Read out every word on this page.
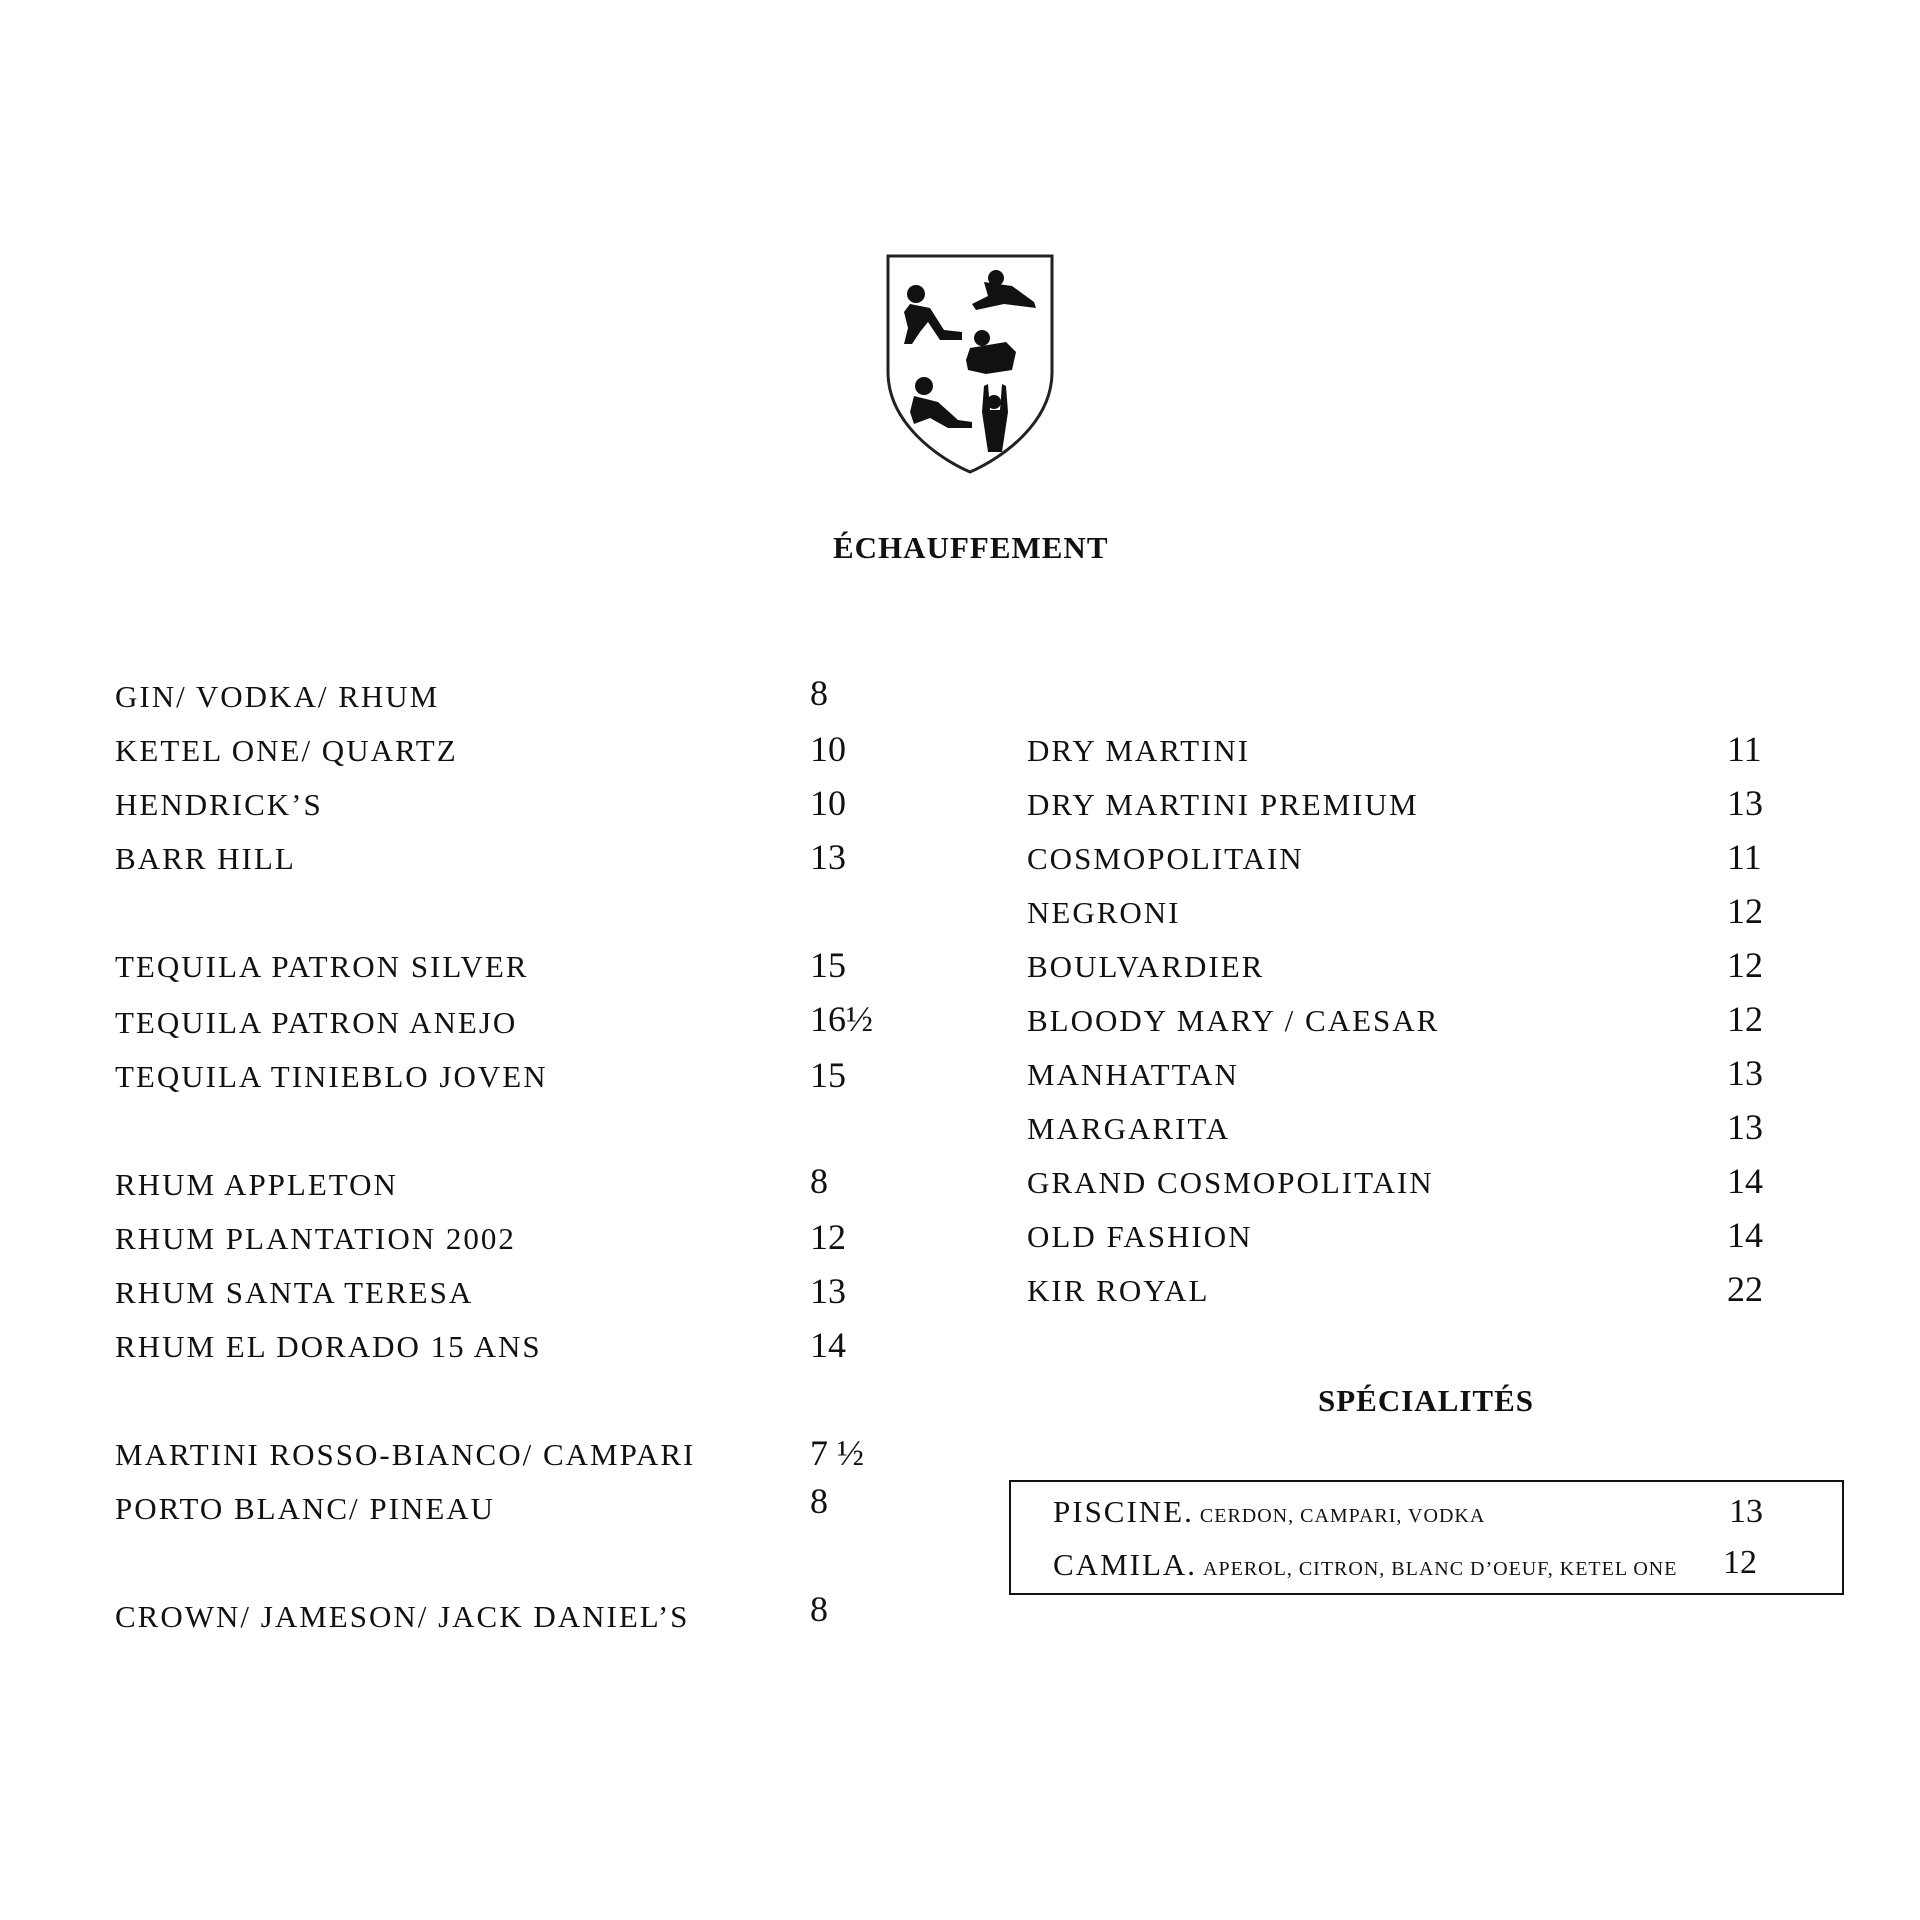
ÉCHAUFFEMENT
GIN/ VODKA/ RHUM	8
KETEL ONE/ QUARTZ	10
HENDRICK’S	10
BARR HILL	13
TEQUILA PATRON SILVER	15
TEQUILA PATRON ANEJO	16½
TEQUILA TINIEBLO JOVEN	15
RHUM APPLETON	8
RHUM PLANTATION 2002	12
RHUM SANTA TERESA	13
RHUM EL DORADO 15 ANS	14
MARTINI ROSSO-BIANCO/ CAMPARI	7 ½
PORTO BLANC/ PINEAU	8
CROWN/ JAMESON/ JACK DANIEL’S	8
DRY MARTINI	11
DRY MARTINI PREMIUM	13
COSMOPOLITAIN	11
NEGRONI	12
BOULVARDIER	12
BLOODY MARY / CAESAR	12
MANHATTAN	13
MARGARITA	13
GRAND COSMOPOLITAIN	14
OLD FASHION	14
KIR ROYAL	22
SPÉCIALITÉS
PISCINE. CERDON, CAMPARI, VODKA	13
CAMILA. APEROL, CITRON, BLANC D’OEUF, KETEL ONE 12
